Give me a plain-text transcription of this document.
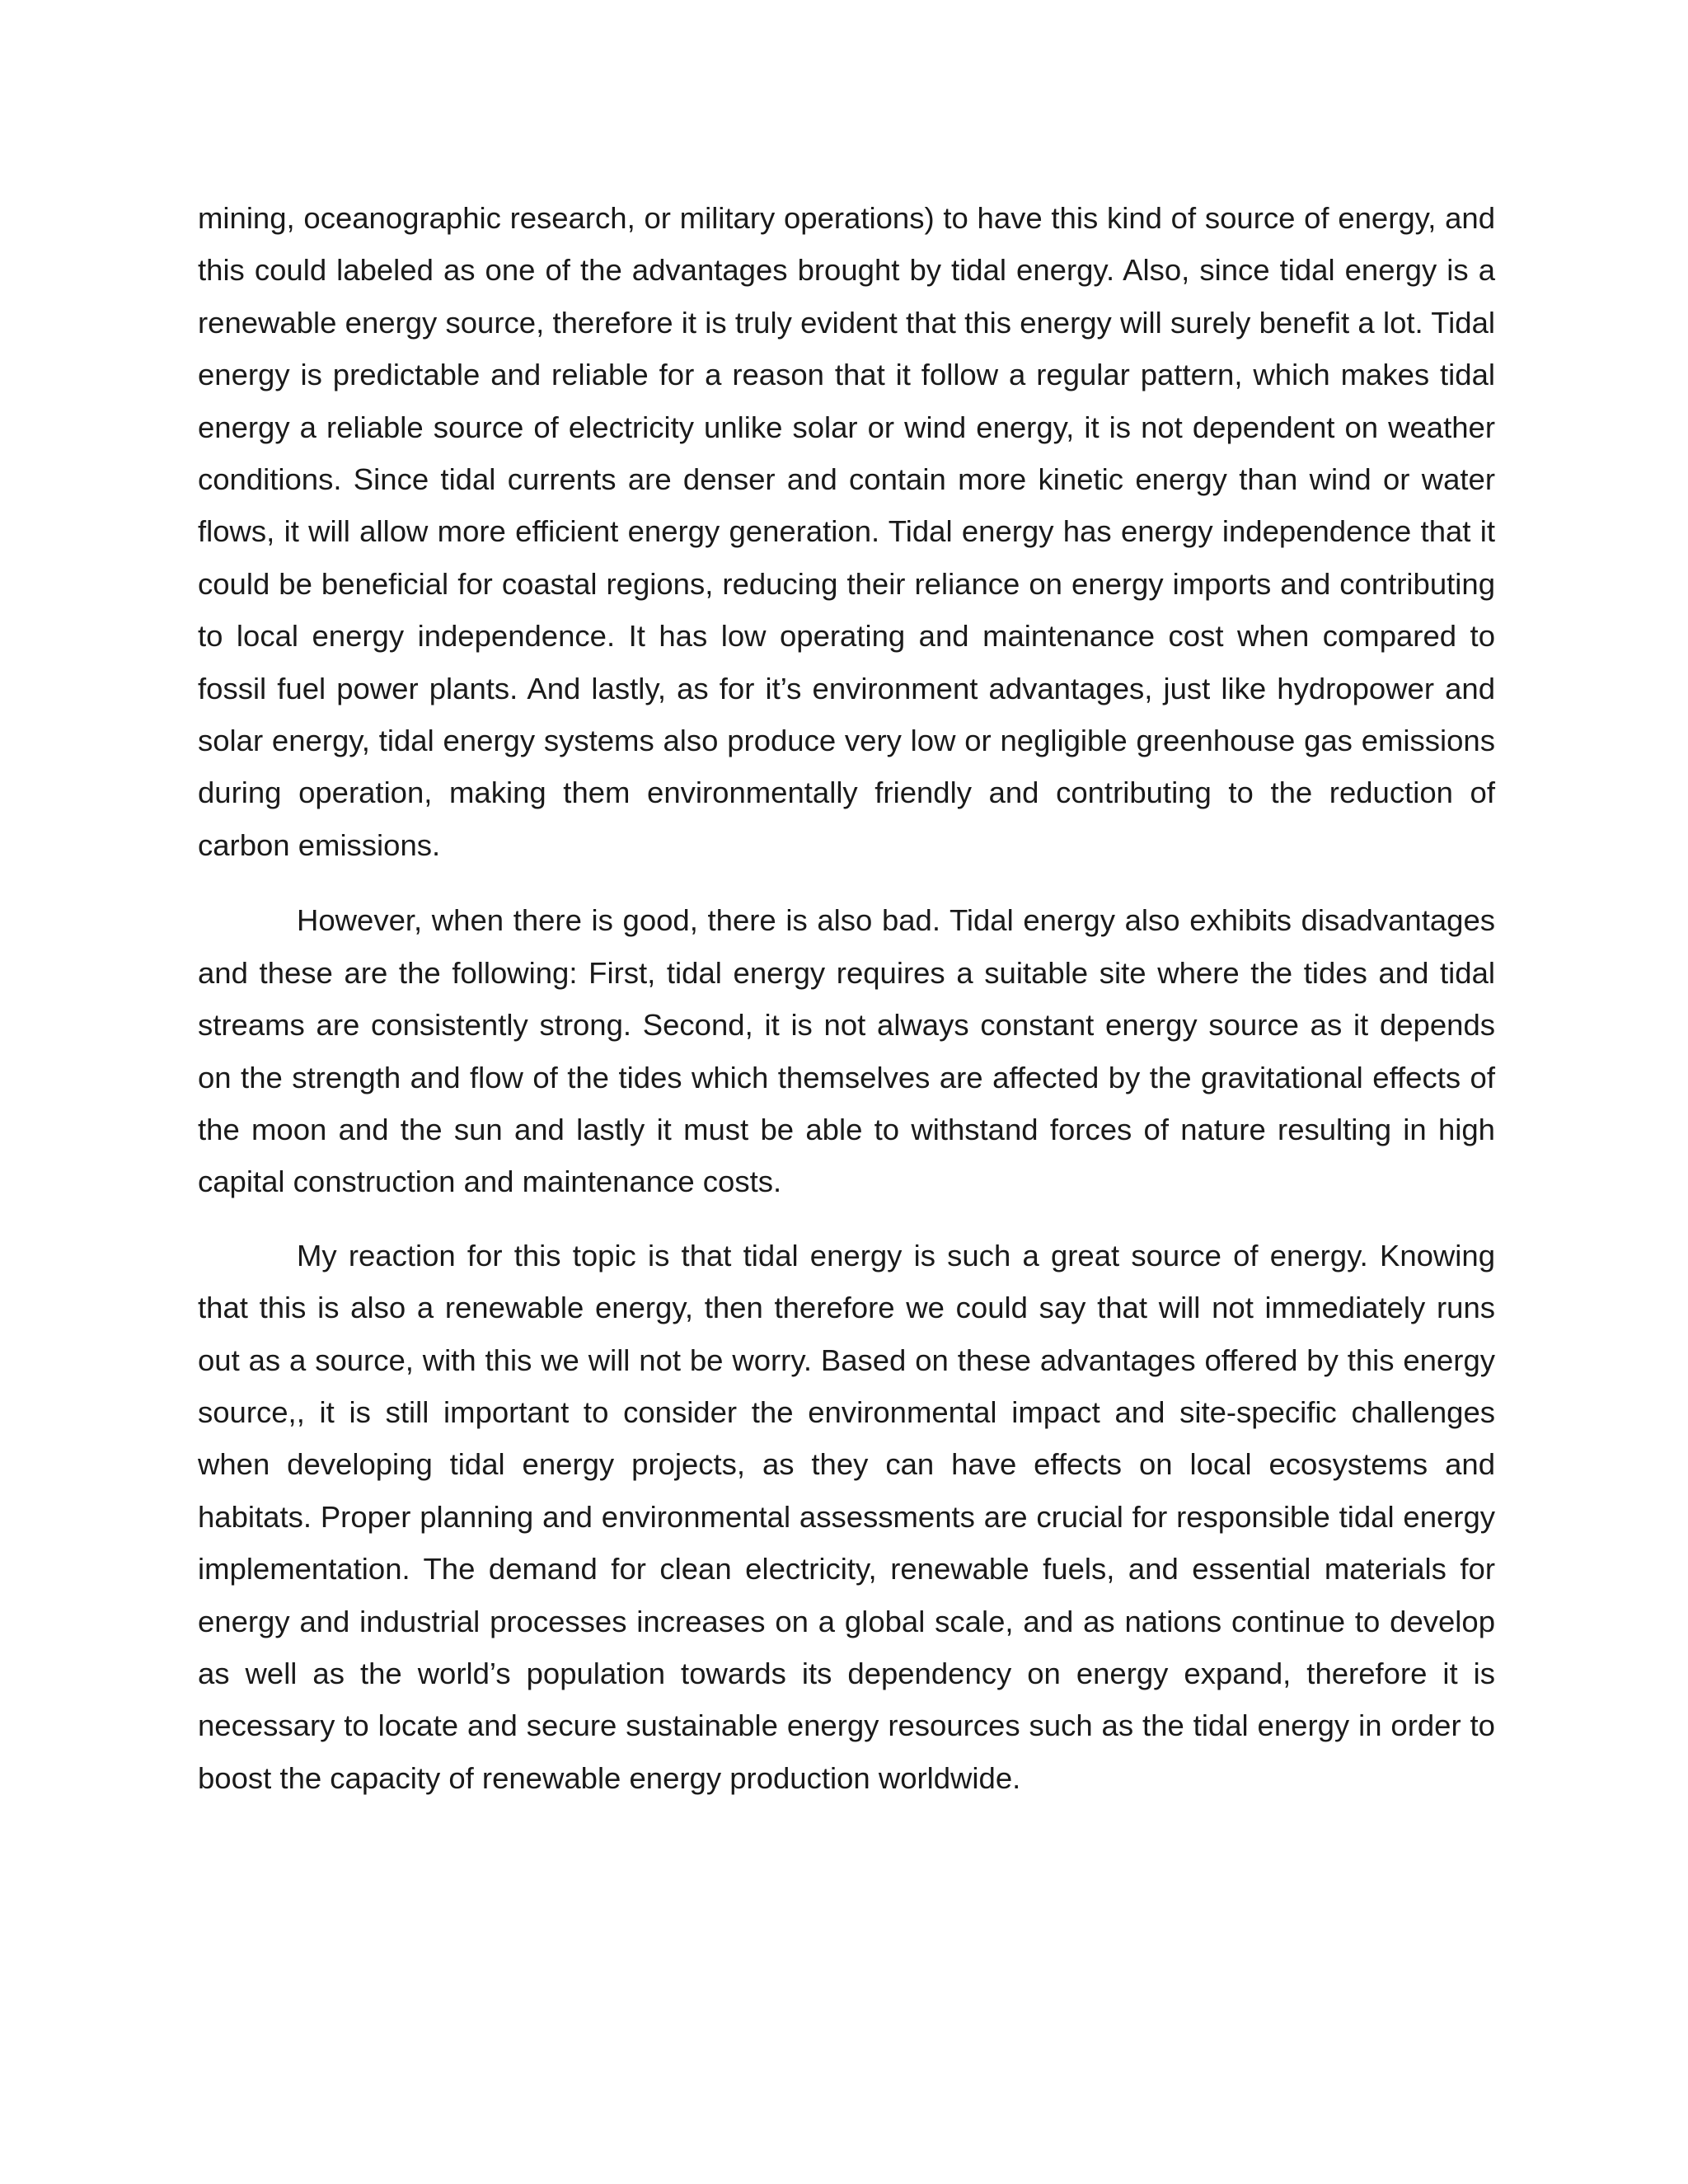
mining, oceanographic research, or military operations) to have this kind of source of energy, and this could labeled as one of the advantages brought by tidal energy. Also, since tidal energy is a renewable energy source, therefore it is truly evident that this energy will surely benefit a lot. Tidal energy is predictable and reliable for a reason that it follow a regular pattern, which makes tidal energy a reliable source of electricity unlike solar or wind energy, it is not dependent on weather conditions. Since tidal currents are denser and contain more kinetic energy than wind or water flows, it will allow more efficient energy generation. Tidal energy has energy independence that it could be beneficial for coastal regions, reducing their reliance on energy imports and contributing to local energy independence. It has low operating and maintenance cost when compared to fossil fuel power plants. And lastly, as for it’s environment advantages, just like hydropower and solar energy, tidal energy systems also produce very low or negligible greenhouse gas emissions during operation, making them environmentally friendly and contributing to the reduction of carbon emissions.

However, when there is good, there is also bad. Tidal energy also exhibits disadvantages and these are the following: First, tidal energy requires a suitable site where the tides and tidal streams are consistently strong. Second, it is not always constant energy source as it depends on the strength and flow of the tides which themselves are affected by the gravitational effects of the moon and the sun and lastly it must be able to withstand forces of nature resulting in high capital construction and maintenance costs.

My reaction for this topic is that tidal energy is such a great source of energy. Knowing that this is also a renewable energy, then therefore we could say that will not immediately runs out as a source, with this we will not be worry. Based on these advantages offered by this energy source,, it is still important to consider the environmental impact and site-specific challenges when developing tidal energy projects, as they can have effects on local ecosystems and habitats. Proper planning and environmental assessments are crucial for responsible tidal energy implementation. The demand for clean electricity, renewable fuels, and essential materials for energy and industrial processes increases on a global scale, and as nations continue to develop as well as the world’s population towards its dependency on energy expand, therefore it is necessary to locate and secure sustainable energy resources such as the tidal energy in order to boost the capacity of renewable energy production worldwide.
